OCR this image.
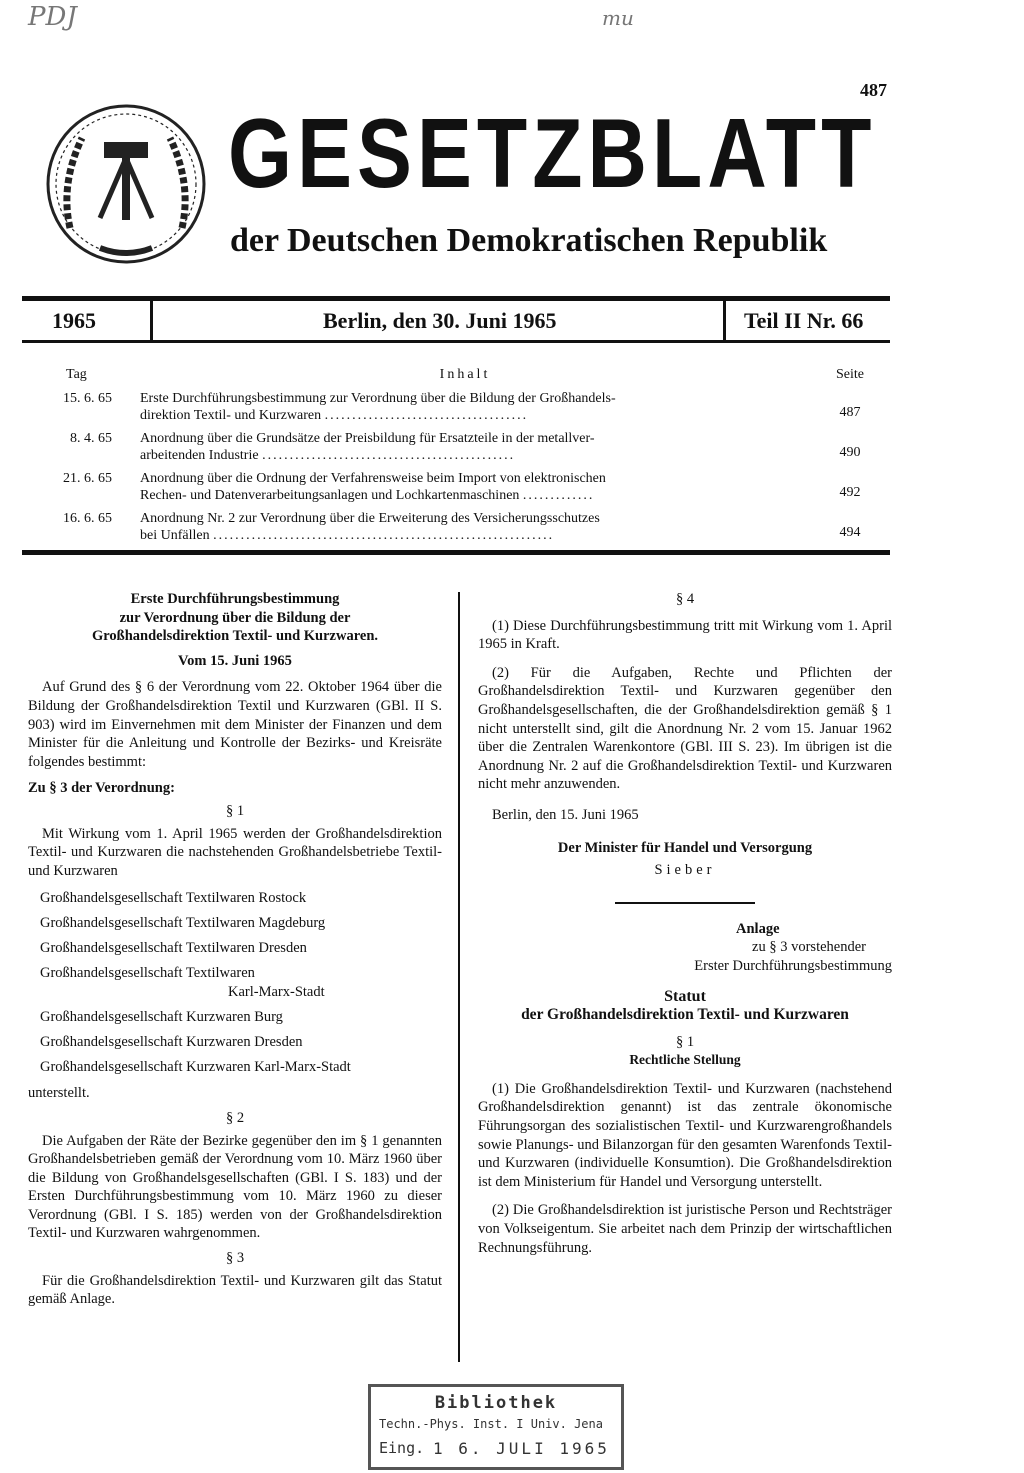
PDJ	mu
487
GESETZBLATT
der Deutschen Demokratischen Republik
1965	Berlin, den 30. Juni 1965	Teil II Nr. 66
Tag	Inhalt	Seite
15. 6. 65 Erste Durchführungsbestimmung zur Verordnung über die Bildung der Großhandels-
direktion Textil- und Kurzwaren .....................................	487
8. 4. 65 Anordnung über die Grundsätze der Preisbildung für Ersatzteile in der metallver-
arbeitenden Industrie ..............................................	490
21. 6. 65 Anordnung über die Ordnung der Verfahrensweise beim Import von elektronischen
Rechen- und Datenverarbeitungsanlagen und Lochkartenmaschinen .............	492
16. 6. 65 Anordnung Nr. 2 zur Verordnung über die Erweiterung des Versicherungsschutzes
bei Unfällen ..............................................................	494

Erste Durchführungsbestimmung
zur Verordnung über die Bildung der
Großhandelsdirektion Textil- und Kurzwaren.

Vom 15. Juni 1965

Auf Grund des § 6 der Verordnung vom 22. Oktober 1964 über die Bildung der Großhandelsdirektion Textil und Kurzwaren (GBl. II S. 903) wird im Einvernehmen mit dem Minister der Finanzen und dem Minister für die Anleitung und Kontrolle der Bezirks- und Kreisräte folgendes bestimmt:

Zu § 3 der Verordnung:

§ 1

Mit Wirkung vom 1. April 1965 werden der Großhandelsdirektion Textil- und Kurzwaren die nachstehenden Großhandelsbetriebe Textil- und Kurzwaren

Großhandelsgesellschaft Textilwaren Rostock
Großhandelsgesellschaft Textilwaren Magdeburg
Großhandelsgesellschaft Textilwaren Dresden
Großhandelsgesellschaft Textilwaren
Karl-Marx-Stadt
Großhandelsgesellschaft Kurzwaren Burg
Großhandelsgesellschaft Kurzwaren Dresden
Großhandelsgesellschaft Kurzwaren Karl-Marx-Stadt

unterstellt.

§ 2

Die Aufgaben der Räte der Bezirke gegenüber den im § 1 genannten Großhandelsbetrieben gemäß der Verordnung vom 10. März 1960 über die Bildung von Großhandelsgesellschaften (GBl. I S. 183) und der Ersten Durchführungsbestimmung vom 10. März 1960 zu dieser Verordnung (GBl. I S. 185) werden von der Großhandelsdirektion Textil- und Kurzwaren wahrgenommen.

§ 3

Für die Großhandelsdirektion Textil- und Kurzwaren gilt das Statut gemäß Anlage.

§ 4

(1) Diese Durchführungsbestimmung tritt mit Wirkung vom 1. April 1965 in Kraft.

(2) Für die Aufgaben, Rechte und Pflichten der Großhandelsdirektion Textil- und Kurzwaren gegenüber den Großhandelsgesellschaften, die der Großhandelsdirektion gemäß § 1 nicht unterstellt sind, gilt die Anordnung Nr. 2 vom 15. Januar 1962 über die Zentralen Warenkontore (GBl. III S. 23). Im übrigen ist die Anordnung Nr. 2 auf die Großhandelsdirektion Textil- und Kurzwaren nicht mehr anzuwenden.

Berlin, den 15. Juni 1965

Der Minister für Handel und Versorgung

Sieber

Anlage

zu § 3 vorstehender

Erster Durchführungsbestimmung

Statut

der Großhandelsdirektion Textil- und Kurzwaren

§ 1

Rechtliche Stellung

(1) Die Großhandelsdirektion Textil- und Kurzwaren (nachstehend Großhandelsdirektion genannt) ist das zentrale ökonomische Führungsorgan des sozialistischen Textil- und Kurzwarengroßhandels sowie Planungs- und Bilanzorgan für den gesamten Warenfonds Textil- und Kurzwaren (individuelle Konsumtion). Die Großhandelsdirektion ist dem Ministerium für Handel und Versorgung unterstellt.

(2) Die Großhandelsdirektion ist juristische Person und Rechtsträger von Volkseigentum. Sie arbeitet nach dem Prinzip der wirtschaftlichen Rechnungsführung.

Bibliothek
Techn.-Phys. Inst. I Univ. Jena
Eing. 1 6. JULI 1965
